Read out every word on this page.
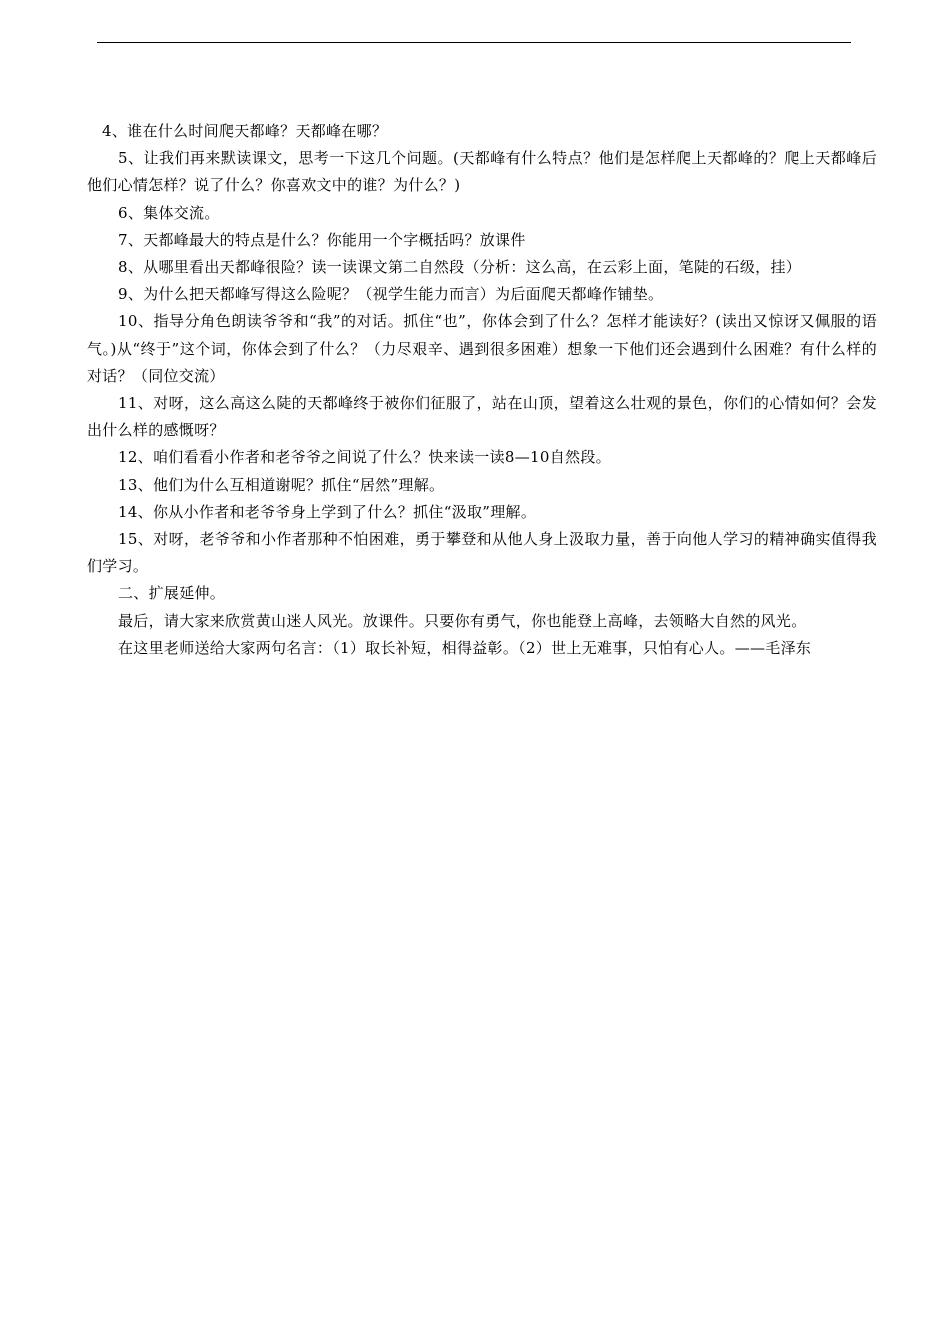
4、谁在什么时间爬天都峰？天都峰在哪？

5、让我们再来默读课文，思考一下这几个问题。(天都峰有什么特点？他们是怎样爬上天都峰的？爬上天都峰后他们心情怎样？说了什么？你喜欢文中的谁？为什么？)

6、集体交流。

7、天都峰最大的特点是什么？你能用一个字概括吗？放课件

8、从哪里看出天都峰很险？读一读课文第二自然段（分析：这么高，在云彩上面，笔陡的石级，挂）

9、为什么把天都峰写得这么险呢？（视学生能力而言）为后面爬天都峰作铺垫。

10、指导分角色朗读爷爷和“我”的对话。抓住“也”，你体会到了什么？怎样才能读好？(读出又惊讶又佩服的语气。)从“终于”这个词，你体会到了什么？（力尽艰辛、遇到很多困难）想象一下他们还会遇到什么困难？有什么样的对话？（同位交流）

11、对呀，这么高这么陡的天都峰终于被你们征服了，站在山顶，望着这么壮观的景色，你们的心情如何？会发出什么样的感慨呀？

12、咱们看看小作者和老爷爷之间说了什么？快来读一读8—10自然段。

13、他们为什么互相道谢呢？抓住“居然”理解。

14、你从小作者和老爷爷身上学到了什么？抓住“汲取”理解。

15、对呀，老爷爷和小作者那种不怕困难，勇于攀登和从他人身上汲取力量，善于向他人学习的精神确实值得我们学习。

二、扩展延伸。

最后，请大家来欣赏黄山迷人风光。放课件。只要你有勇气，你也能登上高峰，去领略大自然的风光。

在这里老师送给大家两句名言：（1）取长补短，相得益彰。（2）世上无难事，只怕有心人。——毛泽东
